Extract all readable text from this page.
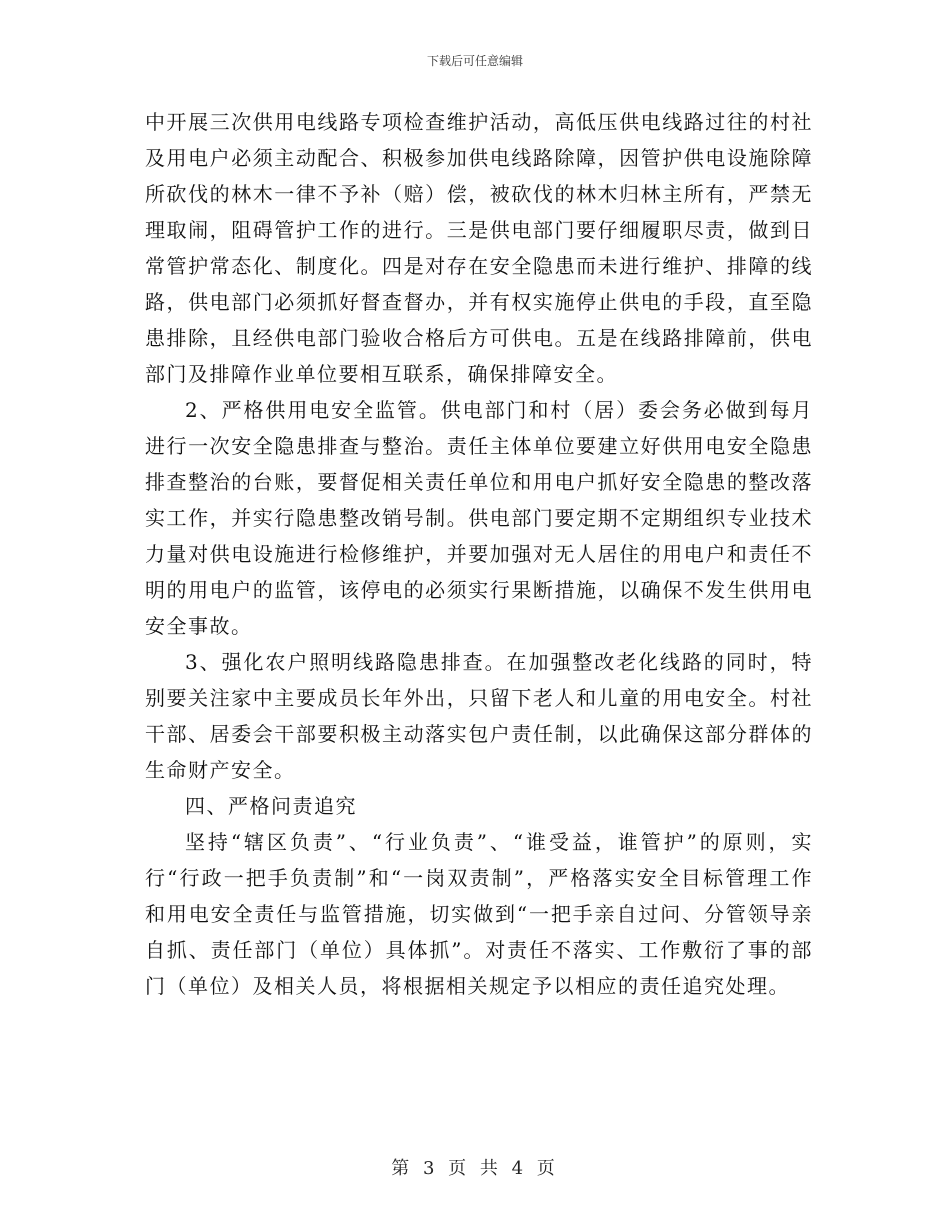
下载后可任意编辑

中开展三次供用电线路专项检查维护活动，高低压供电线路过往的村社及用电户必须主动配合、积极参加供电线路除障，因管护供电设施除障所砍伐的林木一律不予补（赔）偿，被砍伐的林木归林主所有，严禁无理取闹，阻碍管护工作的进行。三是供电部门要仔细履职尽责，做到日常管护常态化、制度化。四是对存在安全隐患而未进行维护、排障的线路，供电部门必须抓好督查督办，并有权实施停止供电的手段，直至隐患排除，且经供电部门验收合格后方可供电。五是在线路排障前，供电部门及排障作业单位要相互联系，确保排障安全。

2、严格供用电安全监管。供电部门和村（居）委会务必做到每月进行一次安全隐患排查与整治。责任主体单位要建立好供用电安全隐患排查整治的台账，要督促相关责任单位和用电户抓好安全隐患的整改落实工作，并实行隐患整改销号制。供电部门要定期不定期组织专业技术力量对供电设施进行检修维护，并要加强对无人居住的用电户和责任不明的用电户的监管，该停电的必须实行果断措施，以确保不发生供用电安全事故。

3、强化农户照明线路隐患排查。在加强整改老化线路的同时，特别要关注家中主要成员长年外出，只留下老人和儿童的用电安全。村社干部、居委会干部要积极主动落实包户责任制，以此确保这部分群体的生命财产安全。

四、严格问责追究

坚持“辖区负责”、“行业负责”、“谁受益，谁管护”的原则，实行“行政一把手负责制”和“一岗双责制”，严格落实安全目标管理工作和用电安全责任与监管措施，切实做到“一把手亲自过问、分管领导亲自抓、责任部门（单位）具体抓”。对责任不落实、工作敷衍了事的部门（单位）及相关人员，将根据相关规定予以相应的责任追究处理。

第 3 页 共 4 页
